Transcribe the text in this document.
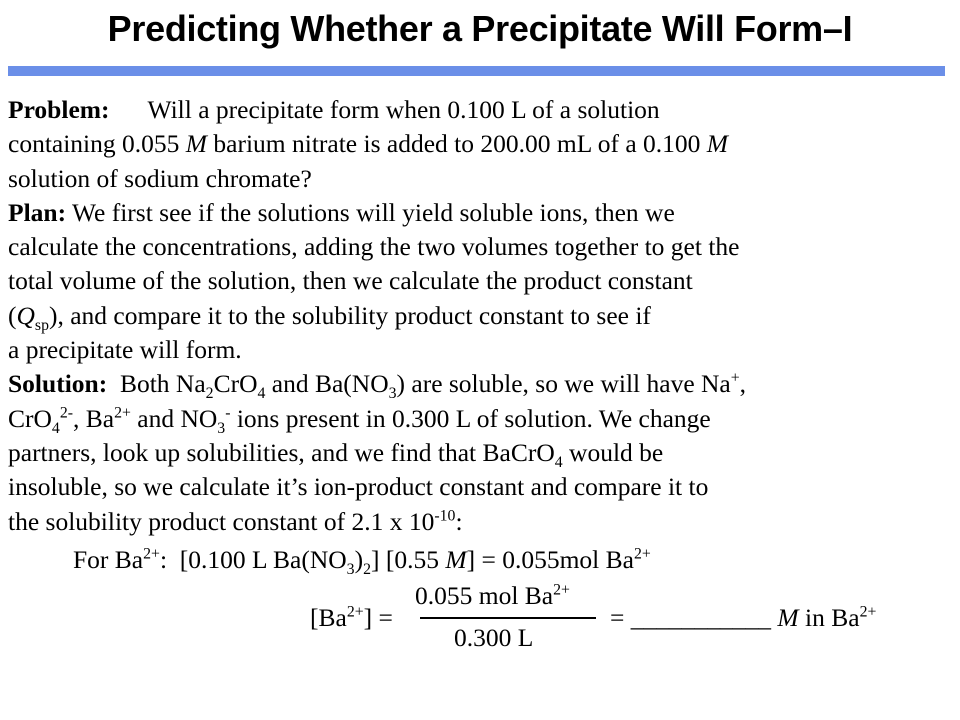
Predicting Whether a Precipitate Will Form–I
Problem: Will a precipitate form when 0.100 L of a solution
containing 0.055 M barium nitrate is added to 200.00 mL of a 0.100 M
solution of sodium chromate?
Plan: We first see if the solutions will yield soluble ions, then we
calculate the concentrations, adding the two volumes together to get the
total volume of the solution, then we calculate the product constant
$(Q_{sp})$, and compare it to the solubility product constant to see if
a precipitate will form.
Solution:  Both $Na_2CrO_4$ and $Ba(NO_3)$ are soluble, so we will have Na+,
CrO$_4^{2-}$, $Ba^{2+}$ and $NO_3^-$ ions present in 0.300 L of solution. We change
partners, look up solubilities, and we find that BaCrO$_4$ would be
insoluble, so we calculate it’s ion-product constant and compare it to
the solubility product constant of 2.1 x $10^{-10}$:
For $Ba^{2+}$:  [0.100 L $Ba(NO_3)_2$] [0.55 M] = 0.055mol $Ba^{2+}$
$[Ba^{2+}]$ =
0.055 mol $Ba^{2+}$
0.300 L
= ___________ M in $Ba^{2+}$
